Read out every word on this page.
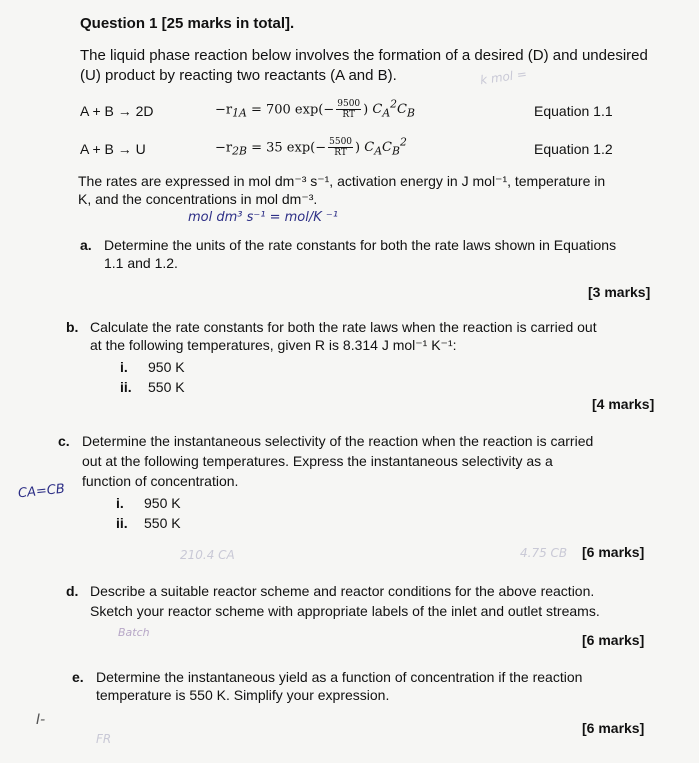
Question 1 [25 marks in total].
The liquid phase reaction below involves the formation of a desired (D) and undesired
(U) product by reacting two reactants (A and B).
A + B → 2D	$-r_{1A} = 700$ $\exp(- \frac{9500}{RT}$ ) $C_A^2C_B$	Equation 1.1
A + B → U	$-r_{2B} = 35$ $\exp(- \frac{5500}{RT}$ ) $C_AC_B^2$	Equation 1.2
The rates are expressed in mol dm⁻³ s⁻¹, activation energy in J mol⁻¹, temperature in
K, and the concentrations in mol dm⁻³.
mol dm³ s⁻¹ = mol/K ⁻¹
k mol =
a. Determine the units of the rate constants for both the rate laws shown in Equations
1.1 and 1.2.
[3 marks]
b. Calculate the rate constants for both the rate laws when the reaction is carried out
at the following temperatures, given R is 8.314 J mol⁻¹ K⁻¹:
i. 950 K
ii. 550 K
[4 marks]
c. Determine the instantaneous selectivity of the reaction when the reaction is carried
out at the following temperatures. Express the instantaneous selectivity as a
function of concentration.
CA=CB
i. 950 K
ii. 550 K
210.4 CA	4.75 CB [6 marks]
d. Describe a suitable reactor scheme and reactor conditions for the above reaction.
Sketch your reactor scheme with appropriate labels of the inlet and outlet streams.
Batch	[6 marks]
e. Determine the instantaneous yield as a function of concentration if the reaction
temperature is 550 K. Simplify your expression.
I-
FR
[6 marks]
